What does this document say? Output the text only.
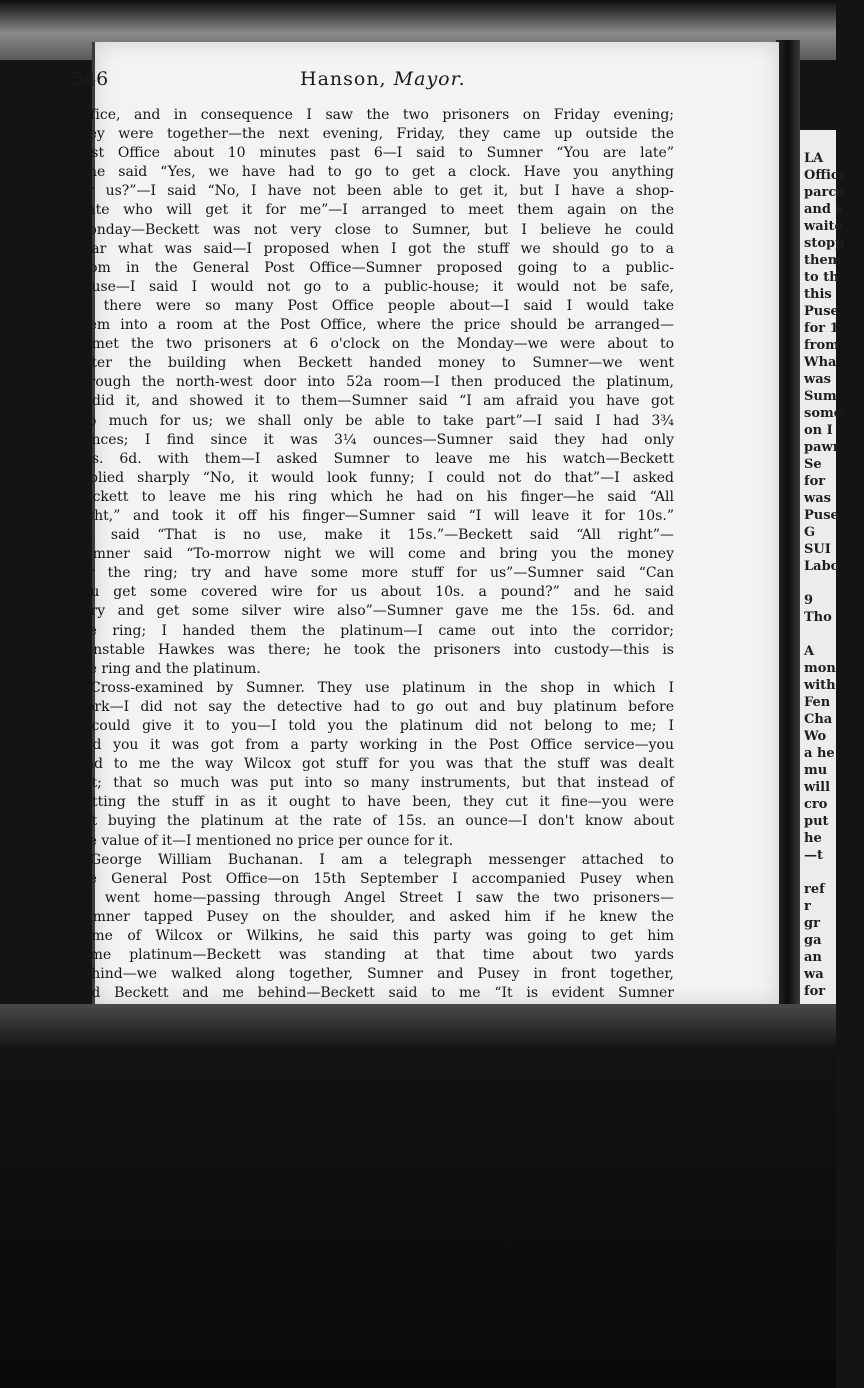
LA
Office
parce
and s
waite
stopp
them
to th
this
Puse
for 1
from
Wha
was
Sum
some
on I
pawr
Se
for
was
Puse
G
SUI
Labo
9
Tho
A
mon
with
Fen
Cha
Wo
a he
mu
will
cro
put
he
—t
ref
r
gr
ga
an
wa
for
546	Hanson, Mayor.
Office, and in consequence I saw the two prisoners on Friday evening;
they were together—the next evening, Friday, they came up outside the
Post Office about 10 minutes past 6—I said to Sumner “You are late”
—he said “Yes, we have had to go to get a clock. Have you anything
for us?”—I said “No, I have not been able to get it, but I have a shop-
mate who will get it for me”—I arranged to meet them again on the
Monday—Beckett was not very close to Sumner, but I believe he could
hear what was said—I proposed when I got the stuff we should go to a
room in the General Post Office—Sumner proposed going to a public-
house—I said I would not go to a public-house; it would not be safe,
as there were so many Post Office people about—I said I would take
them into a room at the Post Office, where the price should be arranged—
I met the two prisoners at 6 o'clock on the Monday—we were about to
enter the building when Beckett handed money to Sumner—we went
through the north-west door into 52a room—I then produced the platinum,
undid it, and showed it to them—Sumner said “I am afraid you have got
too much for us; we shall only be able to take part”—I said I had 3¾
ounces; I find since it was 3¼ ounces—Sumner said they had only
15s. 6d. with them—I asked Sumner to leave me his watch—Beckett
replied sharply “No, it would look funny; I could not do that”—I asked
Beckett to leave me his ring which he had on his finger—he said “All
right,” and took it off his finger—Sumner said “I will leave it for 10s.”
—I said “That is no use, make it 15s.”—Beckett said “All right”—
Sumner said “To-morrow night we will come and bring you the money
for the ring; try and have some more stuff for us”—Sumner said “Can
you get some covered wire for us about 10s. a pound?” and he said
“Try and get some silver wire also”—Sumner gave me the 15s. 6d. and
the ring; I handed them the platinum—I came out into the corridor;
Constable Hawkes was there; he took the prisoners into custody—this is
the ring and the platinum.
Cross-examined by Sumner. They use platinum in the shop in which I
work—I did not say the detective had to go out and buy platinum before
I could give it to you—I told you the platinum did not belong to me; I
told you it was got from a party working in the Post Office service—you
said to me the way Wilcox got stuff for you was that the stuff was dealt
out; that so much was put into so many instruments, but that instead of
putting the stuff in as it ought to have been, they cut it fine—you were
not buying the platinum at the rate of 15s. an ounce—I don't know about
the value of it—I mentioned no price per ounce for it.
George William Buchanan. I am a telegraph messenger attached to
the General Post Office—on 15th September I accompanied Pusey when
he went home—passing through Angel Street I saw the two prisoners—
Sumner tapped Pusey on the shoulder, and asked him if he knew the
name of Wilcox or Wilkins, he said this party was going to get him
some platinum—Beckett was standing at that time about two yards
behind—we walked along together, Sumner and Pusey in front together,
and Beckett and me behind—Beckett said to me “It is evident Sumner
